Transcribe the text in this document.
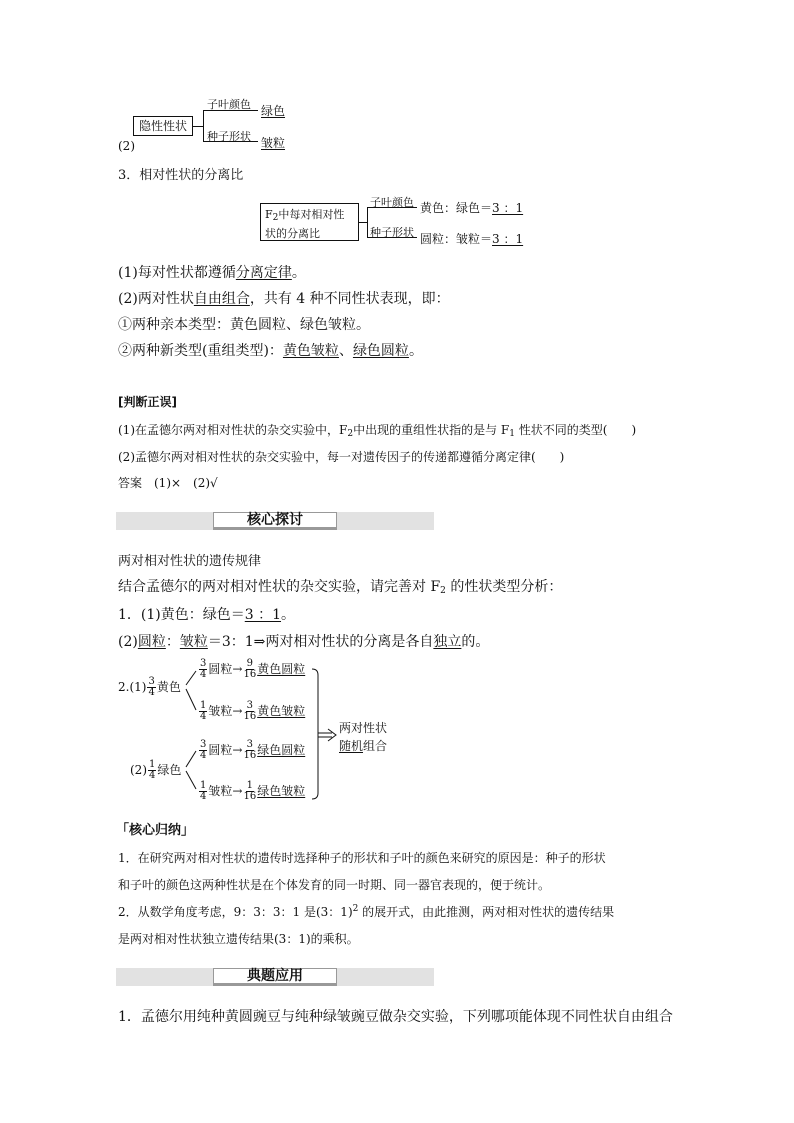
隐性性状
子叶颜色
种子形状
绿色
皱粒
(2)
3．相对性状的分离比
$F_2$中每对相对性
状的分离比
子叶颜色
种子形状
黄色：绿色＝3 ：1
圆粒：皱粒＝3 ：1
(1)每对性状都遵循分离定律。
(2)两对性状自由组合，共有 4 种不同性状表现，即：
①两种亲本类型：黄色圆粒、绿色皱粒。
②两种新类型(重组类型)：黄色皱粒、绿色圆粒。
[判断正误]
(1)在孟德尔两对相对性状的杂交实验中，$F_2$中出现的重组性状指的是与 $F_1$ 性状不同的类型(　　)
(2)孟德尔两对相对性状的杂交实验中，每一对遗传因子的传递都遵循分离定律(　　)
答案　(1)×　(2)√
核心探讨
两对相对性状的遗传规律
结合孟德尔的两对相对性状的杂交实验，请完善对 $F_2$ 的性状类型分析：
1．(1)黄色：绿色＝3 ：1。
(2)圆粒：皱粒＝3：1⇒两对相对性状的分离是各自独立的。
$2.(1) \frac{3}{4}$ 黄色
$(2) \frac{1}{4}$ 绿色
$\frac{3}{4}$ 圆粒→ $\frac{9}{16}$ 黄色圆粒
$\frac{1}{4}$ 皱粒→ $\frac{3}{16}$ 黄色皱粒
$\frac{3}{4}$ 圆粒→ $\frac{3}{16}$ 绿色圆粒
$\frac{1}{4}$ 皱粒→ $\frac{1}{16}$ 绿色皱粒
两对性状
随机组合
「核心归纳」
1．在研究两对相对性状的遗传时选择种子的形状和子叶的颜色来研究的原因是：种子的形状
和子叶的颜色这两种性状是在个体发育的同一时期、同一器官表现的，便于统计。
2．从数学角度考虑，9：3：3：1 是(3：1)$^2$ 的展开式，由此推测，两对相对性状的遗传结果
是两对相对性状独立遗传结果(3：1)的乘积。
典题应用
1．孟德尔用纯种黄圆豌豆与纯种绿皱豌豆做杂交实验，下列哪项能体现不同性状自由组合
